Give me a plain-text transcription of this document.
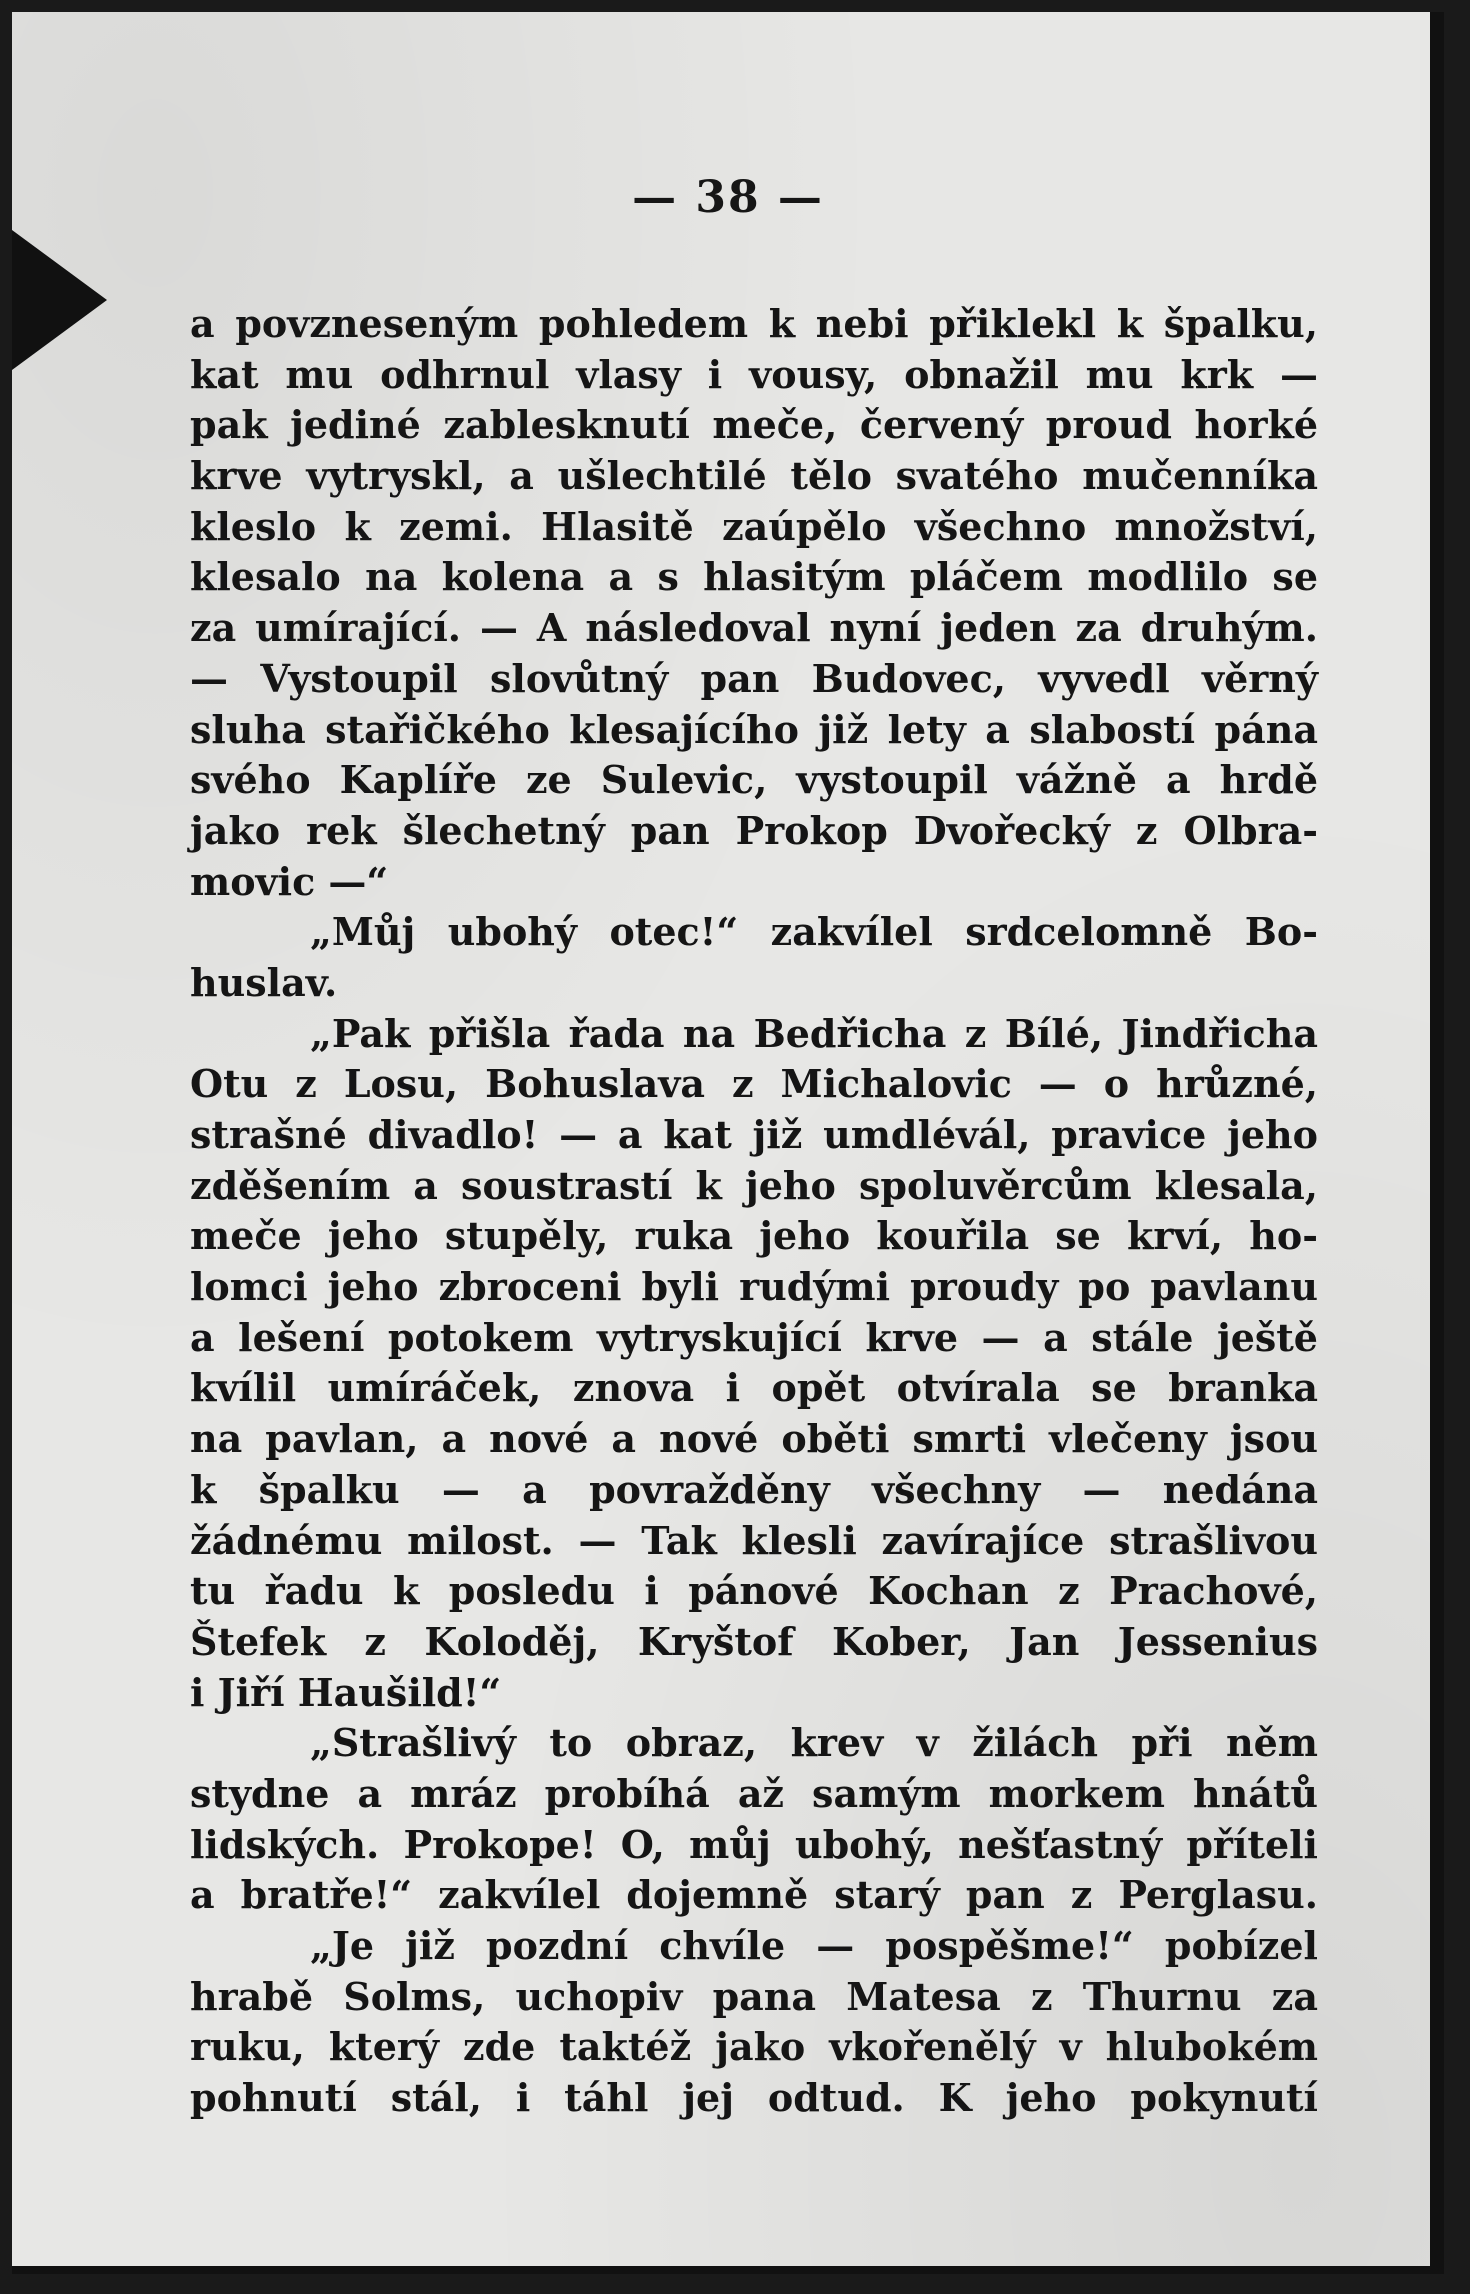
— 38 —
a povzneseným pohledem k nebi přiklekl k špalku,
kat mu odhrnul vlasy i vousy, obnažil mu krk —
pak jediné zablesknutí meče, červený proud horké
krve vytryskl, a ušlechtilé tělo svatého mučenníka
kleslo k zemi. Hlasitě zaúpělo všechno množství,
klesalo na kolena a s hlasitým pláčem modlilo se
za umírající. — A následoval nyní jeden za druhým.
— Vystoupil slovůtný pan Budovec, vyvedl věrný
sluha stařičkého klesajícího již lety a slabostí pána
svého Kaplíře ze Sulevic, vystoupil vážně a hrdě
jako rek šlechetný pan Prokop Dvořecký z Olbra-
movic —“
„Můj ubohý otec!“ zakvílel srdcelomně Bo-
huslav.
„Pak přišla řada na Bedřicha z Bílé, Jindřicha
Otu z Losu, Bohuslava z Michalovic — o hrůzné,
strašné divadlo! — a kat již umdlévál, pravice jeho
zděšením a soustrastí k jeho spoluvěrcům klesala,
meče jeho stupěly, ruka jeho kouřila se krví, ho-
lomci jeho zbroceni byli rudými proudy po pavlanu
a lešení potokem vytryskující krve — a stále ještě
kvílil umíráček, znova i opět otvírala se branka
na pavlan, a nové a nové oběti smrti vlečeny jsou
k špalku — a povražděny všechny — nedána
žádnému milost. — Tak klesli zavírajíce strašlivou
tu řadu k posledu i pánové Kochan z Prachové,
Štefek z Koloděj, Kryštof Kober, Jan Jessenius
i Jiří Haušild!“
„Strašlivý to obraz, krev v žilách při něm
stydne a mráz probíhá až samým morkem hnátů
lidských. Prokope! O, můj ubohý, nešťastný příteli
a bratře!“ zakvílel dojemně starý pan z Perglasu.
„Je již pozdní chvíle — pospěšme!“ pobízel
hrabě Solms, uchopiv pana Matesa z Thurnu za
ruku, který zde taktéž jako vkořenělý v hlubokém
pohnutí stál, i táhl jej odtud. K jeho pokynutí
